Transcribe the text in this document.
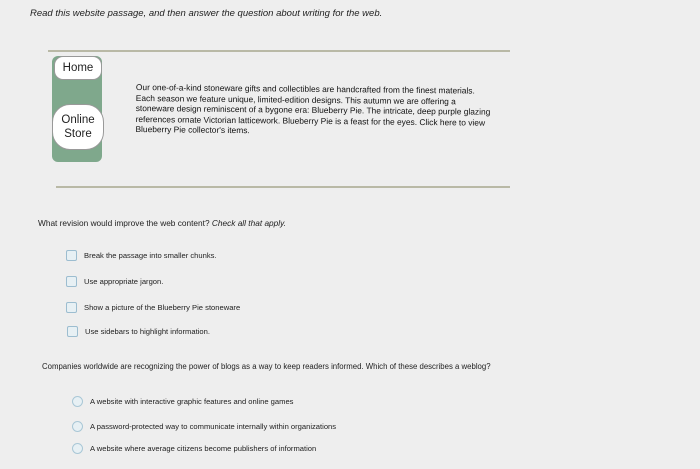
Read this website passage, and then answer the question about writing for the web.
Home
Online Store
Our one-of-a-kind stoneware gifts and collectibles are handcrafted from the finest materials. Each season we feature unique, limited-edition designs. This autumn we are offering a stoneware design reminiscent of a bygone era: Blueberry Pie. The intricate, deep purple glazing references ornate Victorian latticework. Blueberry Pie is a feast for the eyes. Click here to view Blueberry Pie collector's items.
What revision would improve the web content? Check all that apply.
Break the passage into smaller chunks.
Use appropriate jargon.
Show a picture of the Blueberry Pie stoneware
Use sidebars to highlight information.
Companies worldwide are recognizing the power of blogs as a way to keep readers informed. Which of these describes a weblog?
A website with interactive graphic features and online games
A password-protected way to communicate internally within organizations
A website where average citizens become publishers of information
